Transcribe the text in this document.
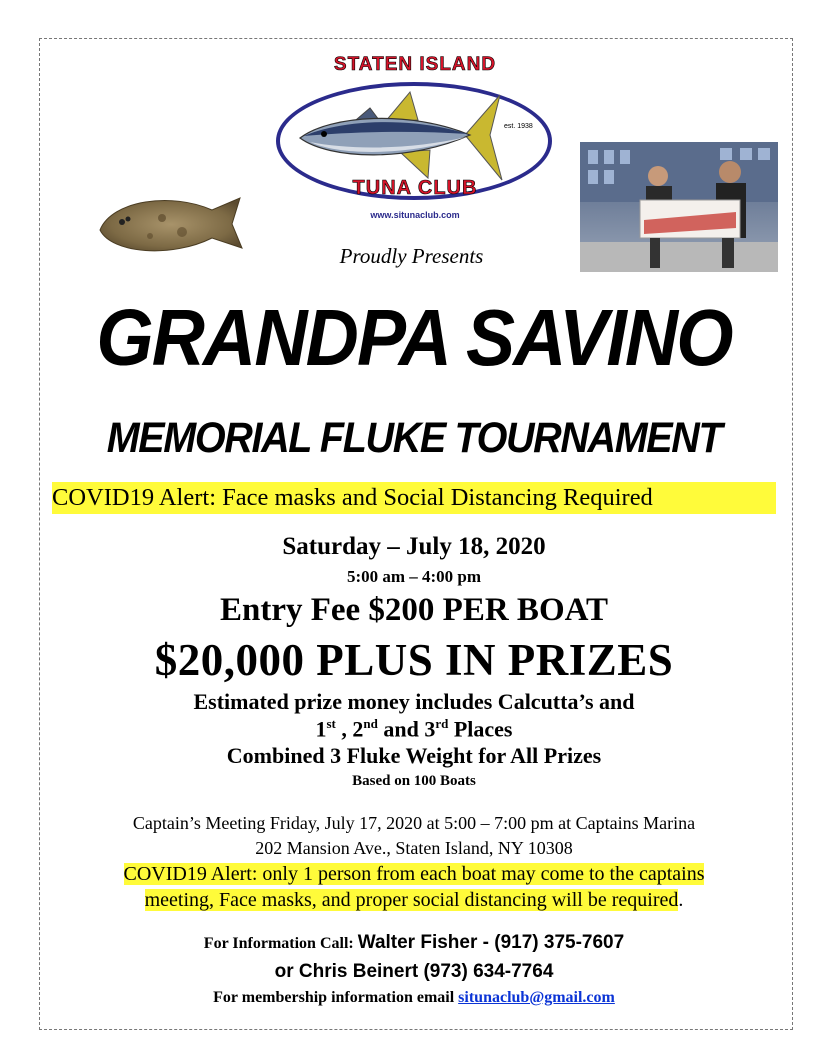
STATEN ISLAND
est. 1938
TUNA CLUB
www.situnaclub.com
Proudly Presents
GRANDPA SAVINO
MEMORIAL FLUKE TOURNAMENT
COVID19 Alert: Face masks and Social Distancing Required
Saturday – July 18, 2020
5:00 am – 4:00 pm
Entry Fee $200 PER BOAT
$20,000 PLUS IN PRIZES
Estimated prize money includes Calcutta’s and
1st , 2nd and 3rd Places
Combined 3 Fluke Weight for All Prizes
Based on 100 Boats
Captain’s Meeting Friday, July 17, 2020 at 5:00 – 7:00 pm at Captains Marina
202 Mansion Ave., Staten Island, NY 10308
COVID19 Alert: only 1 person from each boat may come to the captains
meeting, Face masks, and proper social distancing will be required.
For Information Call: Walter Fisher - (917) 375-7607
or Chris Beinert (973) 634-7764
For membership information email situnaclub@gmail.com
